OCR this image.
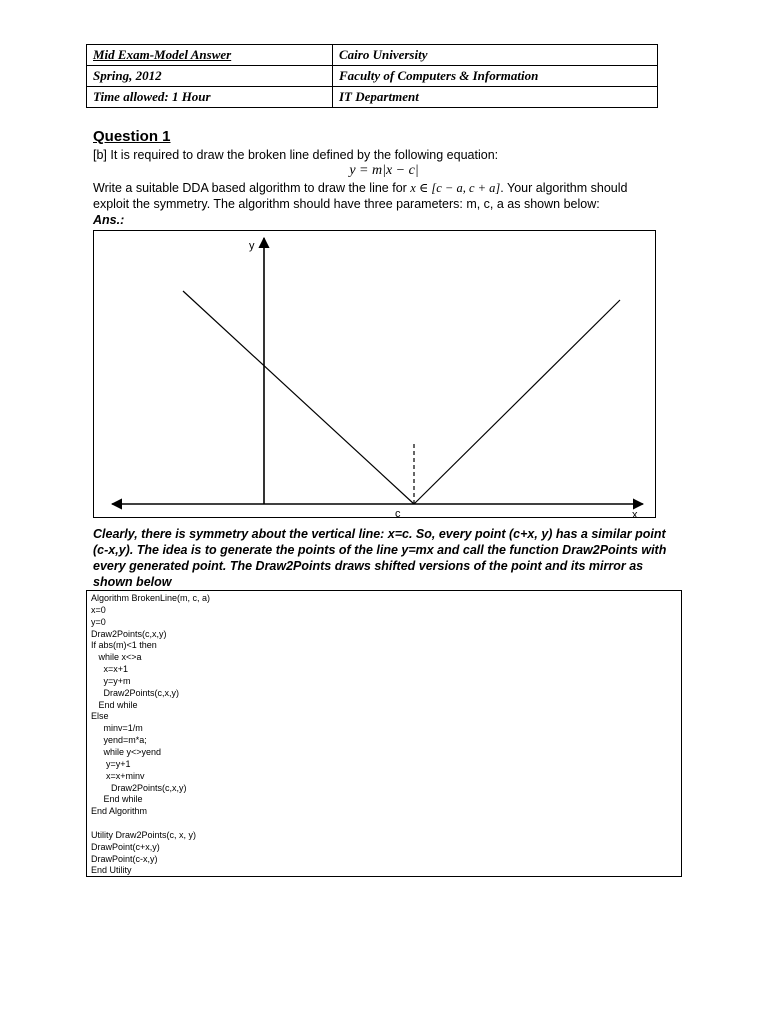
Mid Exam-Model Answer	Cairo University
Spring, 2012	Faculty of Computers & Information
Time allowed: 1 Hour	IT Department
Question 1
[b] It is required to draw the broken line defined by the following equation:
y = m|x − c|
Write a suitable DDA based algorithm to draw the line for x ∈ [c − a, c + a]. Your algorithm should
exploit the symmetry. The algorithm should have three parameters: m, c, a as shown below:
Ans.:
y
x
c
Clearly, there is symmetry about the vertical line: x=c. So, every point (c+x, y) has a similar point (c-x,y). The idea is to generate the points of the line y=mx and call the function Draw2Points with every generated point. The Draw2Points draws shifted versions of the point and its mirror as shown below
Algorithm BrokenLine(m, c, a)
x=0
y=0
Draw2Points(c,x,y)
If abs(m)<1 then
while x<>a
x=x+1
y=y+m
Draw2Points(c,x,y)
End while
Else
minv=1/m
yend=m*a;
while y<>yend
y=y+1
x=x+minv
Draw2Points(c,x,y)
End while
End Algorithm
Utility Draw2Points(c, x, y)
DrawPoint(c+x,y)
DrawPoint(c-x,y)
End Utility
